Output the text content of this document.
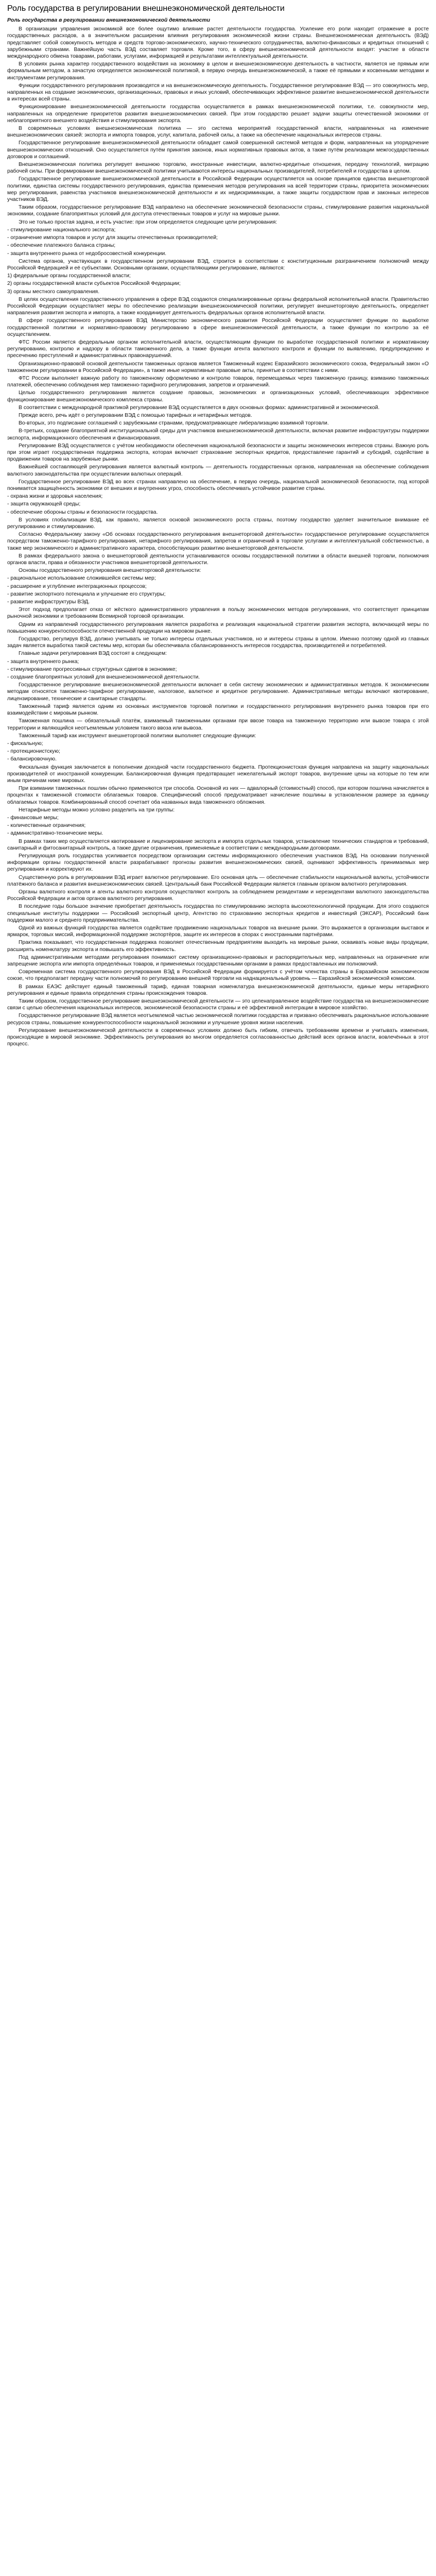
Роль государства в регулировании внешнеэкономической деятельности

Роль государства в регулировании внешнеэкономической деятельности

В организации управления экономикой все более ощутимо влияние растет деятельности государства. Усиление его роли находит отражение в росте государственных расходов, а в значительном расширении влияния регулирования экономической жизни страны. Внешнеэкономическая деятельность (ВЭД) представляет собой совокупность методов и средств торгово-экономического, научно-технического сотрудничества, валютно-финансовых и кредитных отношений с зарубежными странами. Важнейшую часть ВЭД составляет торговля. Кроме того, в сферу внешнеэкономической деятельности входят: участие в области международного обмена товарами, работами, услугами, информацией и результатами интеллектуальной деятельности.

В условиях рынка характер государственного воздействия на экономику в целом и внешнеэкономическую деятельность в частности, является не прямым или формальным методом, а зачастую определяется экономической политикой, в первую очередь внешнеэкономической, а также её прямыми и косвенными методами и инструментами регулирования.

Функции государственного регулирования производятся и на внешнеэкономическую деятельность. Государственное регулирование ВЭД — это совокупность мер, направленных на создание экономических, организационных, правовых и иных условий, обеспечивающих эффективное развитие внешнеэкономической деятельности в интересах всей страны.

Функционирование внешнеэкономической деятельности государства осуществляется в рамках внешнеэкономической политики, т.е. совокупности мер, направленных на определение приоритетов развития внешнеэкономических связей. При этом государство решает задачи защиты отечественной экономики от неблагоприятного внешнего воздействия и стимулирования экспорта.

В современных условиях внешнеэкономическая политика — это система мероприятий государственной власти, направленных на изменение внешнеэкономических связей: экспорта и импорта товаров, услуг, капитала, рабочей силы, а также на обеспечение национальных интересов страны.

Государственное регулирование внешнеэкономической деятельности обладает самой совершенной системой методов и форм, направленных на упорядочение внешнеэкономических отношений. Оно осуществляется путём принятия законов, иных нормативных правовых актов, а также путём реализации межгосударственных договоров и соглашений.

Внешнеэкономическая политика регулирует внешнюю торговлю, иностранные инвестиции, валютно-кредитные отношения, передачу технологий, миграцию рабочей силы. При формировании внешнеэкономической политики учитываются интересы национальных производителей, потребителей и государства в целом.

Государственное регулирование внешнеэкономической деятельности в Российской Федерации осуществляется на основе принципов единства внешнеторговой политики, единства системы государственного регулирования, единства применения методов регулирования на всей территории страны, приоритета экономических мер регулирования, равенства участников внешнеэкономической деятельности и их недискриминации, а также защиты государством прав и законных интересов участников ВЭД.

Таким образом, государственное регулирование ВЭД направлено на обеспечение экономической безопасности страны, стимулирование развития национальной экономики, создание благоприятных условий для доступа отечественных товаров и услуг на мировые рынки.

Это не только простая задача, и есть участие: при этом определяется следующие цели регулирования:

- стимулирование национального экспорта;

- ограничение импорта товаров и услуг для защиты отечественных производителей;

- обеспечение платежного баланса страны;

- защита внутреннего рынка от недобросовестной конкуренции.

Система органов, участвующих в государственном регулировании ВЭД, строится в соответствии с конституционным разграничением полномочий между Российской Федерацией и её субъектами. Основными органами, осуществляющими регулирование, являются:

1) федеральные органы государственной власти;

2) органы государственной власти субъектов Российской Федерации;

3) органы местного самоуправления.

В целях осуществления государственного управления в сфере ВЭД создаются специализированные органы федеральной исполнительной власти. Правительство Российской Федерации осуществляет меры по обеспечению реализации внешнеэкономической политики, регулирует внешнеторговую деятельность, определяет направления развития экспорта и импорта, а также координирует деятельность федеральных органов исполнительной власти.

В сфере государственного регулирования ВЭД Министерство экономического развития Российской Федерации осуществляет функции по выработке государственной политики и нормативно-правовому регулированию в сфере внешнеэкономической деятельности, а также функции по контролю за её осуществлением.

ФТС России является федеральным органом исполнительной власти, осуществляющим функции по выработке государственной политики и нормативному регулированию, контролю и надзору в области таможенного дела, а также функции агента валютного контроля и функции по выявлению, предупреждению и пресечению преступлений и административных правонарушений.

Организационно-правовой основой деятельности таможенных органов является Таможенный кодекс Евразийского экономического союза, Федеральный закон «О таможенном регулировании в Российской Федерации», а также иные нормативные правовые акты, принятые в соответствии с ними.

ФТС России выполняет важную работу по таможенному оформлению и контролю товаров, перемещаемых через таможенную границу, взиманию таможенных платежей, обеспечению соблюдения мер таможенно-тарифного регулирования, запретов и ограничений.

Целью государственного регулирования является создание правовых, экономических и организационных условий, обеспечивающих эффективное функционирование внешнеэкономического комплекса страны.

В соответствии с международной практикой регулирование ВЭД осуществляется в двух основных формах: административной и экономической.

Прежде всего, речь идёт о регулировании ВЭД с помощью тарифных и нетарифных методов.

Во-вторых, это подписание соглашений с зарубежными странами, предусматривающее либерализацию взаимной торговли.

В-третьих, создание благоприятной институциональной среды для участников внешнеэкономической деятельности, включая развитие инфраструктуры поддержки экспорта, информационного обеспечения и финансирования.

Регулирование ВЭД осуществляется с учётом необходимости обеспечения национальной безопасности и защиты экономических интересов страны. Важную роль при этом играет государственная поддержка экспорта, которая включает страхование экспортных кредитов, предоставление гарантий и субсидий, содействие в продвижении товаров на зарубежные рынки.

Важнейшей составляющей регулирования является валютный контроль — деятельность государственных органов, направленная на обеспечение соблюдения валютного законодательства при осуществлении валютных операций.

Государственное регулирование ВЭД во всех странах направлено на обеспечение, в первую очередь, национальной экономической безопасности, под которой понимается защищённость экономики от внешних и внутренних угроз, способность обеспечивать устойчивое развитие страны.

- охрана жизни и здоровья населения;

- защита окружающей среды;

- обеспечение обороны страны и безопасности государства.

В условиях глобализации ВЭД, как правило, является основой экономического роста страны, поэтому государство уделяет значительное внимание её регулированию и стимулированию.

Согласно Федеральному закону «Об основах государственного регулирования внешнеторговой деятельности» государственное регулирование осуществляется посредством таможенно-тарифного регулирования, нетарифного регулирования, запретов и ограничений в торговле услугами и интеллектуальной собственностью, а также мер экономического и административного характера, способствующих развитию внешнеторговой деятельности.

В рамках федерального закона о внешнеторговой деятельности устанавливаются основы государственной политики в области внешней торговли, полномочия органов власти, права и обязанности участников внешнеторговой деятельности.

Основы государственного регулирования внешнеторговой деятельности:

- рациональное использование сложившейся системы мер;

- расширение и углубление интеграционных процессов;

- развитие экспортного потенциала и улучшение его структуры;

- развитие инфраструктуры ВЭД.

Этот подход предполагает отказ от жёсткого административного управления в пользу экономических методов регулирования, что соответствует принципам рыночной экономики и требованиям Всемирной торговой организации.

Одним из направлений государственного регулирования является разработка и реализация национальной стратегии развития экспорта, включающей меры по повышению конкурентоспособности отечественной продукции на мировом рынке.

Государство, регулируя ВЭД, должно учитывать не только интересы отдельных участников, но и интересы страны в целом. Именно поэтому одной из главных задач является выработка такой системы мер, которая бы обеспечивала сбалансированность интересов государства, производителей и потребителей.

Главные задачи регулирования ВЭД состоят в следующем:

- защита внутреннего рынка;

- стимулирование прогрессивных структурных сдвигов в экономике;

- создание благоприятных условий для внешнеэкономической деятельности.

Государственное регулирование внешнеэкономической деятельности включает в себя систему экономических и административных методов. К экономическим методам относятся таможенно-тарифное регулирование, налоговое, валютное и кредитное регулирование. Административные методы включают квотирование, лицензирование, технические и санитарные стандарты.

Таможенный тариф является одним из основных инструментов торговой политики и государственного регулирования внутреннего рынка товаров при его взаимодействии с мировым рынком.

Таможенная пошлина — обязательный платёж, взимаемый таможенными органами при ввозе товара на таможенную территорию или вывозе товара с этой территории и являющийся неотъемлемым условием такого ввоза или вывоза.

Таможенный тариф как инструмент внешнеторговой политики выполняет следующие функции:

- фискальную;

- протекционистскую;

- балансировочную.

Фискальная функция заключается в пополнении доходной части государственного бюджета. Протекционистская функция направлена на защиту национальных производителей от иностранной конкуренции. Балансировочная функция предотвращает нежелательный экспорт товаров, внутренние цены на которые по тем или иным причинам ниже мировых.

При взимании таможенных пошлин обычно применяются три способа. Основной из них — адвалорный (стоимостный) способ, при котором пошлина начисляется в процентах к таможенной стоимости облагаемых товаров. Специфический способ предусматривает начисление пошлины в установленном размере за единицу облагаемых товаров. Комбинированный способ сочетает оба названных вида таможенного обложения.

Нетарифные методы можно условно разделить на три группы:

- финансовые меры;

- количественные ограничения;

- административно-технические меры.

В рамках таких мер осуществляется квотирование и лицензирование экспорта и импорта отдельных товаров, установление технических стандартов и требований, санитарный и фитосанитарный контроль, а также другие ограничения, применяемые в соответствии с международными договорами.

Регулирующая роль государства усиливается посредством организации системы информационного обеспечения участников ВЭД. На основании полученной информации органы государственной власти разрабатывают прогнозы развития внешнеэкономических связей, оценивают эффективность принимаемых мер регулирования и корректируют их.

Существенную роль в регулировании ВЭД играет валютное регулирование. Его основная цель — обеспечение стабильности национальной валюты, устойчивости платёжного баланса и развития внешнеэкономических связей. Центральный банк Российской Федерации является главным органом валютного регулирования.

Органы валютного контроля и агенты валютного контроля осуществляют контроль за соблюдением резидентами и нерезидентами валютного законодательства Российской Федерации и актов органов валютного регулирования.

В последние годы большое значение приобретает деятельность государства по стимулированию экспорта высокотехнологичной продукции. Для этого создаются специальные институты поддержки — Российский экспортный центр, Агентство по страхованию экспортных кредитов и инвестиций (ЭКСАР), Российский банк поддержки малого и среднего предпринимательства.

Одной из важных функций государства является содействие продвижению национальных товаров на внешние рынки. Это выражается в организации выставок и ярмарок, торговых миссий, информационной поддержке экспортёров, защите их интересов в спорах с иностранными партнёрами.

Практика показывает, что государственная поддержка позволяет отечественным предприятиям выходить на мировые рынки, осваивать новые виды продукции, расширять номенклатуру экспорта и повышать его эффективность.

Под административными методами регулирования понимают систему организационно-правовых и распорядительных мер, направленных на ограничение или запрещение экспорта или импорта определённых товаров, и применяемых государственными органами в рамках предоставленных им полномочий.

Современная система государственного регулирования ВЭД в Российской Федерации формируется с учётом членства страны в Евразийском экономическом союзе, что предполагает передачу части полномочий по регулированию внешней торговли на наднациональный уровень — Евразийской экономической комиссии.

В рамках ЕАЭС действует единый таможенный тариф, единая товарная номенклатура внешнеэкономической деятельности, единые меры нетарифного регулирования и единые правила определения страны происхождения товаров.

Таким образом, государственное регулирование внешнеэкономической деятельности — это целенаправленное воздействие государства на внешнеэкономические связи с целью обеспечения национальных интересов, экономической безопасности страны и её эффективной интеграции в мировое хозяйство.

Государственное регулирование ВЭД является неотъемлемой частью экономической политики государства и призвано обеспечивать рациональное использование ресурсов страны, повышение конкурентоспособности национальной экономики и улучшение уровня жизни населения.

Регулирование внешнеэкономической деятельности в современных условиях должно быть гибким, отвечать требованиям времени и учитывать изменения, происходящие в мировой экономике. Эффективность регулирования во многом определяется согласованностью действий всех органов власти, вовлечённых в этот процесс.
